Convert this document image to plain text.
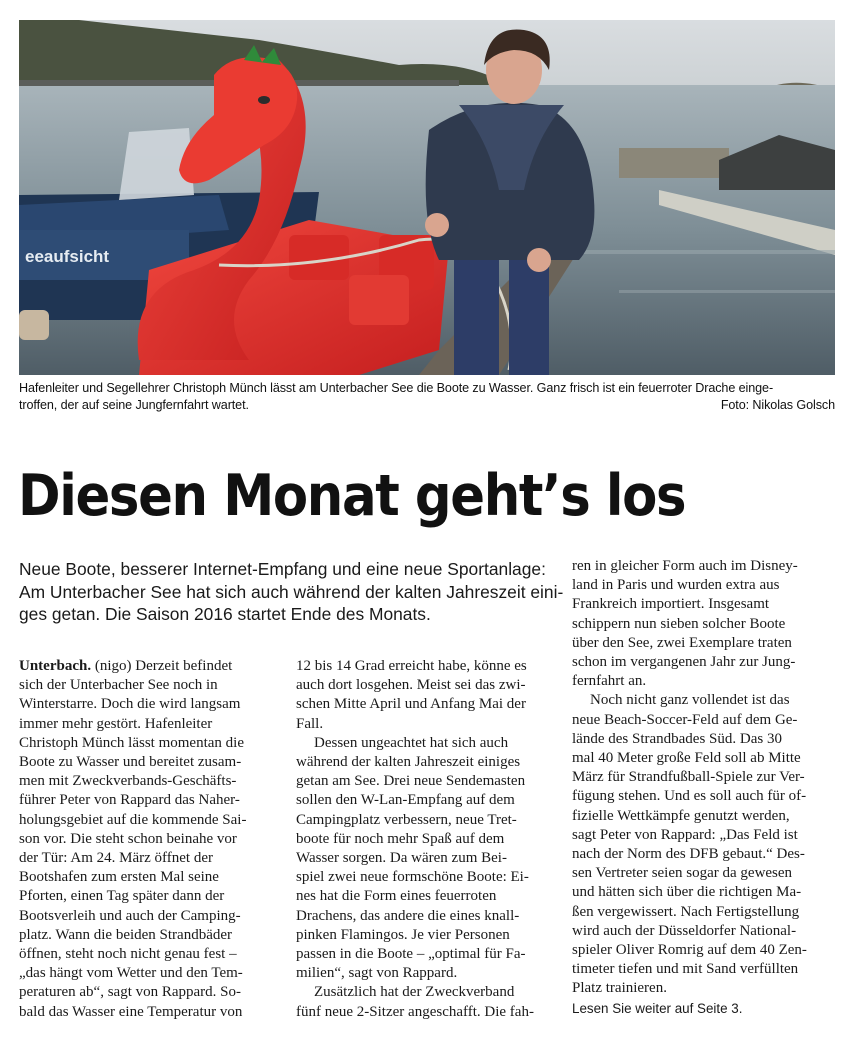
eeaufsicht
Hafenleiter und Segellehrer Christoph Münch lässt am Unterbacher See die Boote zu Wasser. Ganz frisch ist ein feuerroter Drache einge-
troffen, der auf seine Jungfernfahrt wartet.	Foto: Nikolas Golsch
Diesen Monat geht’s los

Neue Boote, besserer Internet-Empfang und eine neue Sportanlage:

Am Unterbacher See hat sich auch während der kalten Jahreszeit eini-

ges getan. Die Saison 2016 startet Ende des Monats.

Unterbach. (nigo) Derzeit befindet

sich der Unterbacher See noch in

Winterstarre. Doch die wird langsam

immer mehr gestört. Hafenleiter

Christoph Münch lässt momentan die

Boote zu Wasser und bereitet zusam-

men mit Zweckverbands-Geschäfts-

führer Peter von Rappard das Naher-

holungsgebiet auf die kommende Sai-

son vor. Die steht schon beinahe vor

der Tür: Am 24. März öffnet der

Bootshafen zum ersten Mal seine

Pforten, einen Tag später dann der

Bootsverleih und auch der Camping-

platz. Wann die beiden Strandbäder

öffnen, steht noch nicht genau fest –

„das hängt vom Wetter und den Tem-

peraturen ab“, sagt von Rappard. So-

bald das Wasser eine Temperatur von

12 bis 14 Grad erreicht habe, könne es

auch dort losgehen. Meist sei das zwi-

schen Mitte April und Anfang Mai der

Fall.

Dessen ungeachtet hat sich auch

während der kalten Jahreszeit einiges

getan am See. Drei neue Sendemasten

sollen den W-Lan-Empfang auf dem

Campingplatz verbessern, neue Tret-

boote für noch mehr Spaß auf dem

Wasser sorgen. Da wären zum Bei-

spiel zwei neue formschöne Boote: Ei-

nes hat die Form eines feuerroten

Drachens, das andere die eines knall-

pinken Flamingos. Je vier Personen

passen in die Boote – „optimal für Fa-

milien“, sagt von Rappard.

Zusätzlich hat der Zweckverband

fünf neue 2-Sitzer angeschafft. Die fah-

ren in gleicher Form auch im Disney-

land in Paris und wurden extra aus

Frankreich importiert. Insgesamt

schippern nun sieben solcher Boote

über den See, zwei Exemplare traten

schon im vergangenen Jahr zur Jung-

fernfahrt an.

Noch nicht ganz vollendet ist das

neue Beach-Soccer-Feld auf dem Ge-

lände des Strandbades Süd. Das 30

mal 40 Meter große Feld soll ab Mitte

März für Strandfußball-Spiele zur Ver-

fügung stehen. Und es soll auch für of-

fizielle Wettkämpfe genutzt werden,

sagt Peter von Rappard: „Das Feld ist

nach der Norm des DFB gebaut.“ Des-

sen Vertreter seien sogar da gewesen

und hätten sich über die richtigen Ma-

ßen vergewissert. Nach Fertigstellung

wird auch der Düsseldorfer National-

spieler Oliver Romrig auf dem 40 Zen-

timeter tiefen und mit Sand verfüllten

Platz trainieren.

Lesen Sie weiter auf Seite 3.
